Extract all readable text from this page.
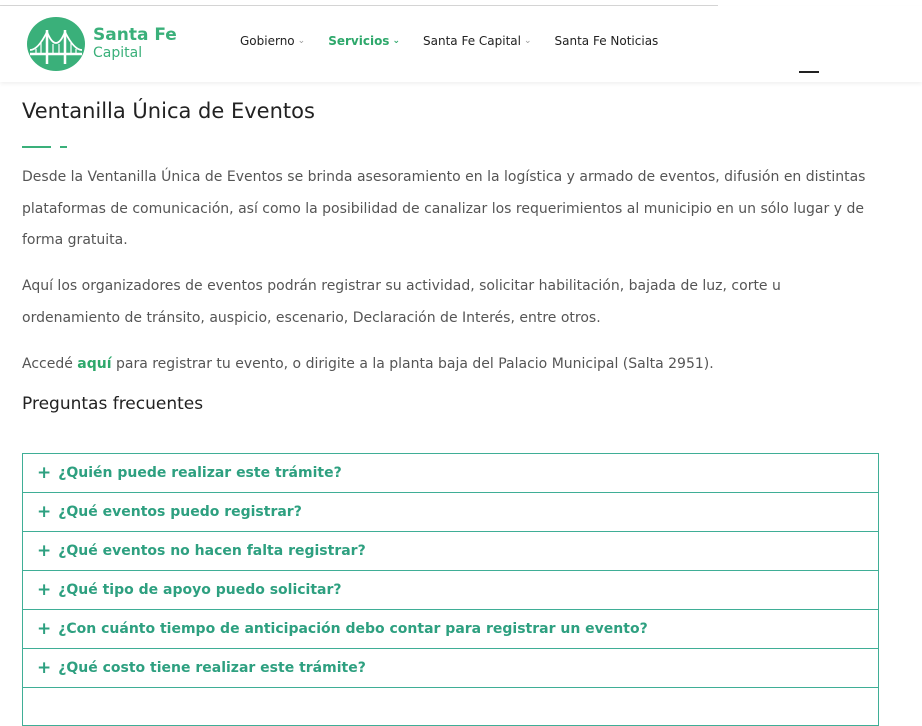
Santa Fe
Capital
Gobierno ⌄ Servicios ⌄ Santa Fe Capital ⌄ Santa Fe Noticias
Ventanilla Única de Eventos

Desde la Ventanilla Única de Eventos se brinda asesoramiento en la logística y armado de eventos, difusión en distintas plataformas de comunicación, así como la posibilidad de canalizar los requerimientos al municipio en un sólo lugar y de forma gratuita.

Aquí los organizadores de eventos podrán registrar su actividad, solicitar habilitación, bajada de luz, corte u ordenamiento de tránsito, auspicio, escenario, Declaración de Interés, entre otros.

Accedé aquí para registrar tu evento, o dirigite a la planta baja del Palacio Municipal (Salta 2951).

Preguntas frecuentes
+ ¿Quién puede realizar este trámite?
+ ¿Qué eventos puedo registrar?
+ ¿Qué eventos no hacen falta registrar?
+ ¿Qué tipo de apoyo puedo solicitar?
+ ¿Con cuánto tiempo de anticipación debo contar para registrar un evento?
+ ¿Qué costo tiene realizar este trámite?
